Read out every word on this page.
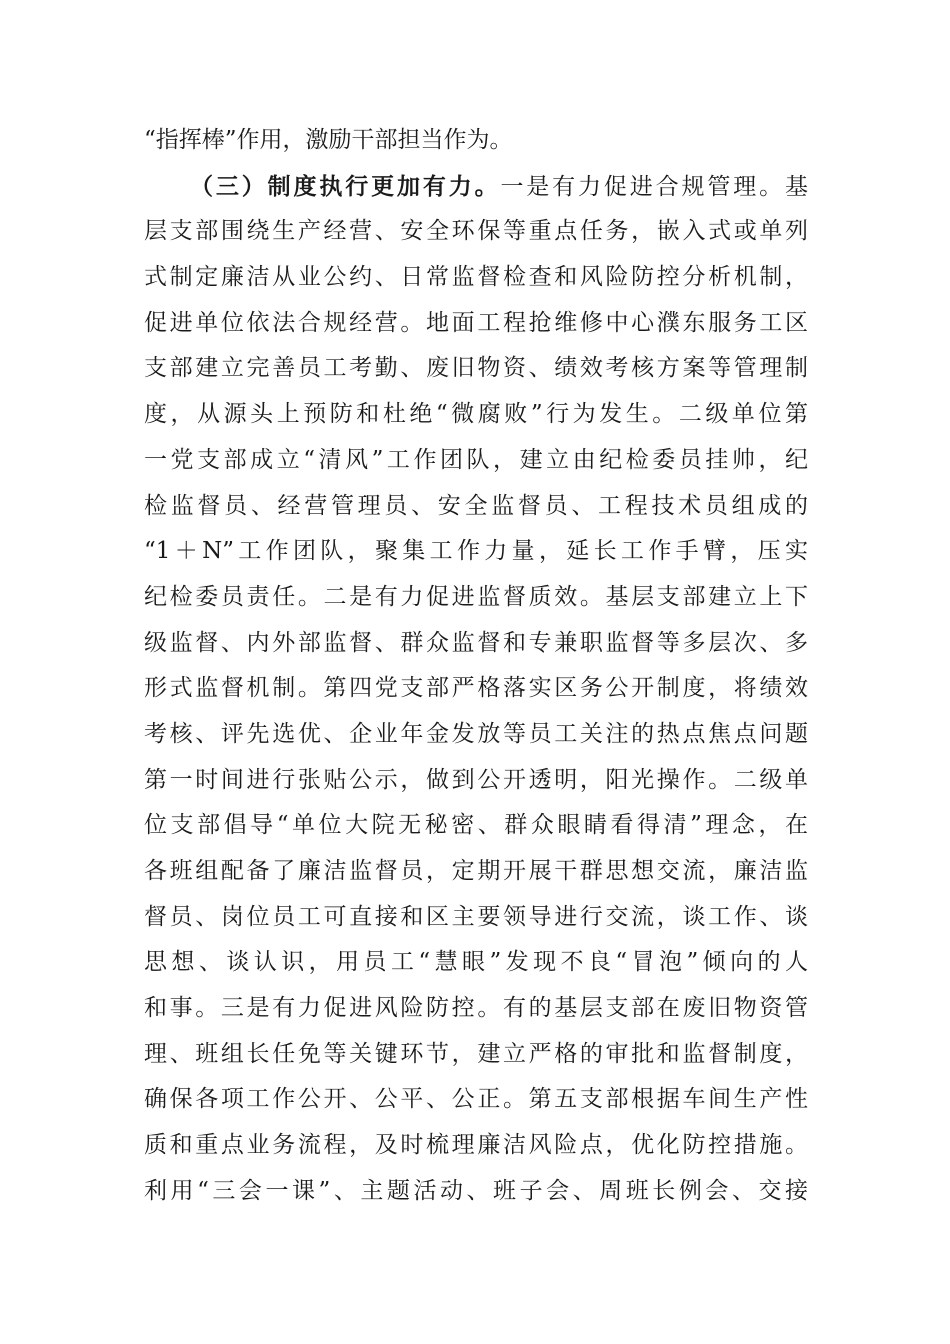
“指挥棒”作用，激励干部担当作为。
（三）制度执行更加有力。一是有力促进合规管理。基
层支部围绕生产经营、安全环保等重点任务，嵌入式或单列
式制定廉洁从业公约、日常监督检查和风险防控分析机制，
促进单位依法合规经营。地面工程抢维修中心濮东服务工区
支部建立完善员工考勤、废旧物资、绩效考核方案等管理制
度，从源头上预防和杜绝“微腐败”行为发生。二级单位第
一党支部成立“清风”工作团队，建立由纪检委员挂帅，纪
检监督员、经营管理员、安全监督员、工程技术员组成的
“1＋N”工作团队，聚集工作力量，延长工作手臂，压实
纪检委员责任。二是有力促进监督质效。基层支部建立上下
级监督、内外部监督、群众监督和专兼职监督等多层次、多
形式监督机制。第四党支部严格落实区务公开制度，将绩效
考核、评先选优、企业年金发放等员工关注的热点焦点问题
第一时间进行张贴公示，做到公开透明，阳光操作。二级单
位支部倡导“单位大院无秘密、群众眼睛看得清”理念，在
各班组配备了廉洁监督员，定期开展干群思想交流，廉洁监
督员、岗位员工可直接和区主要领导进行交流，谈工作、谈
思想、谈认识，用员工“慧眼”发现不良“冒泡”倾向的人
和事。三是有力促进风险防控。有的基层支部在废旧物资管
理、班组长任免等关键环节，建立严格的审批和监督制度，
确保各项工作公开、公平、公正。第五支部根据车间生产性
质和重点业务流程，及时梳理廉洁风险点，优化防控措施。
利用“三会一课”、主题活动、班子会、周班长例会、交接
